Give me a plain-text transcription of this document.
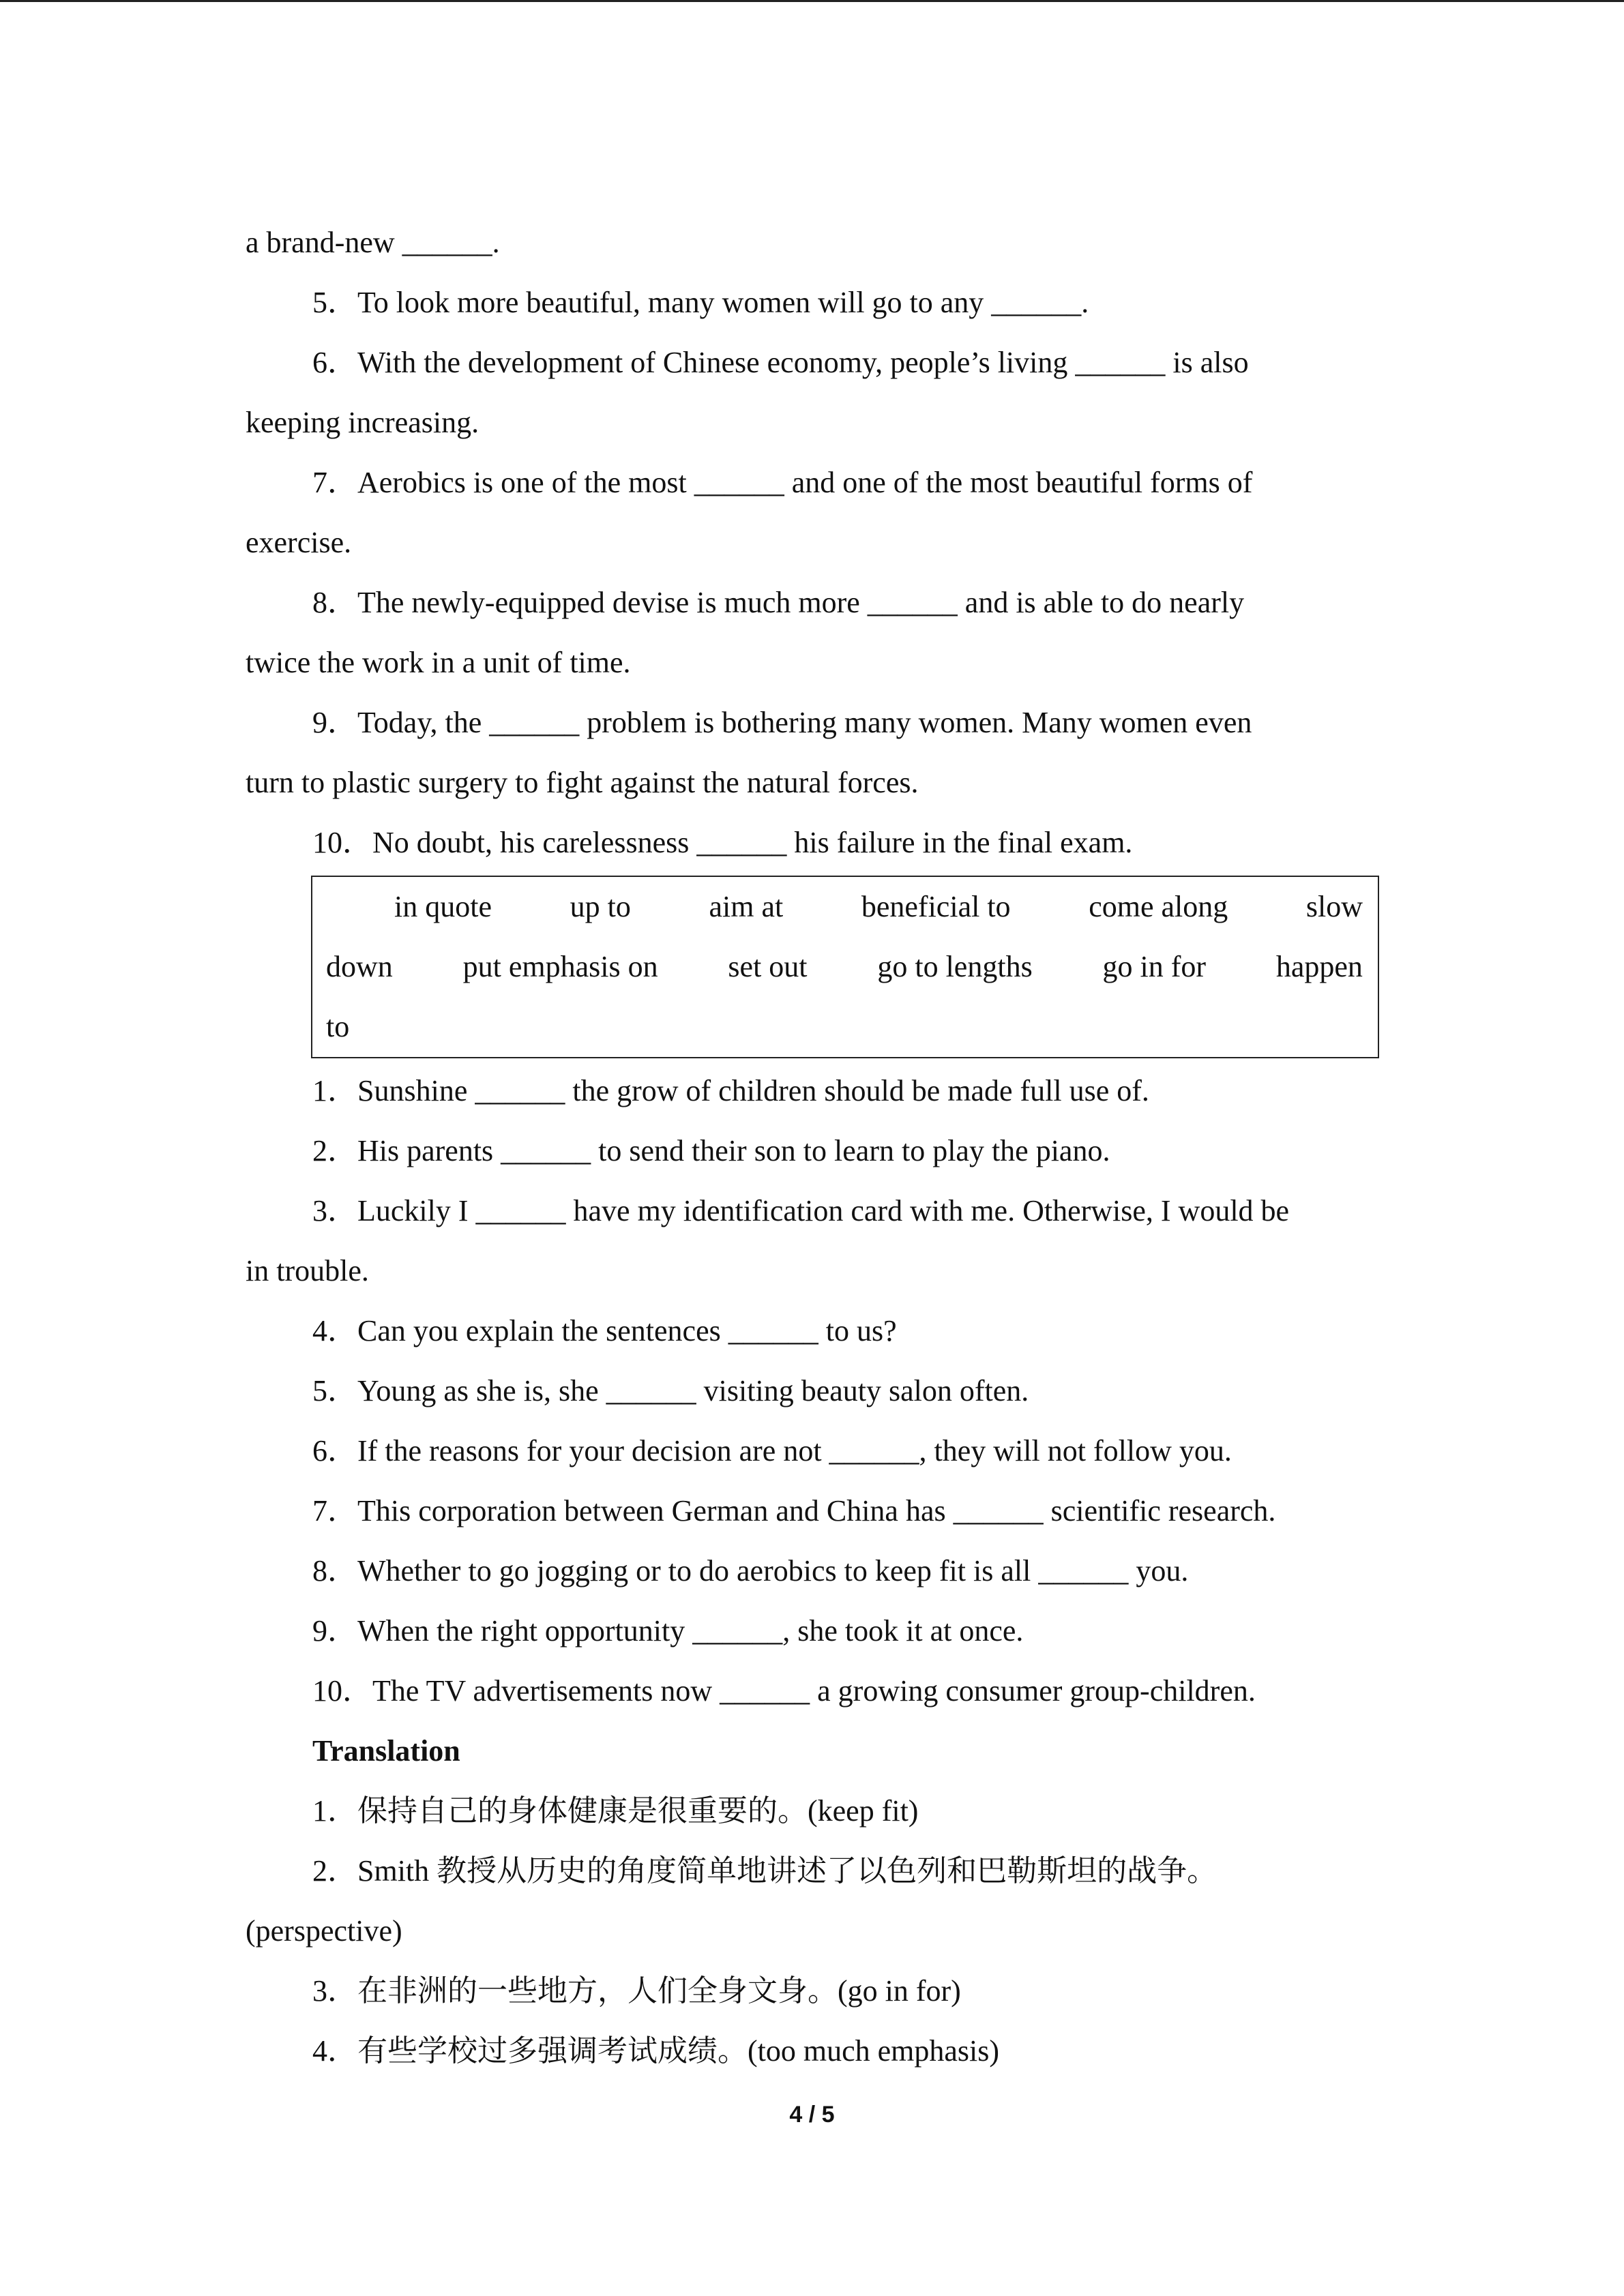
a brand-new ______.

5．To look more beautiful, many women will go to any ______.

6．With the development of Chinese economy, people’s living ______ is also

keeping increasing.

7．Aerobics is one of the most ______ and one of the most beautiful forms of

exercise.

8．The newly-equipped devise is much more ______ and is able to do nearly

twice the work in a unit of time.

9．Today, the ______ problem is bothering many women. Many women even

turn to plastic surgery to fight against the natural forces.

10．No doubt, his carelessness ______ his failure in the final exam.

in quote	up to	aim at	beneficial to	come along	slow
down put emphasis on set out go to lengths go in for happen
to

1．Sunshine ______ the grow of children should be made full use of.

2．His parents ______ to send their son to learn to play the piano.

3．Luckily I ______ have my identification card with me. Otherwise, I would be

in trouble.

4．Can you explain the sentences ______ to us?

5．Young as she is, she ______ visiting beauty salon often.

6．If the reasons for your decision are not ______, they will not follow you.

7．This corporation between German and China has ______ scientific research.

8．Whether to go jogging or to do aerobics to keep fit is all ______ you.

9．When the right opportunity ______, she took it at once.

10．The TV advertisements now ______ a growing consumer group-children.

Translation

1．保持自己的身体健康是很重要的。(keep fit)

2．Smith 教授从历史的角度简单地讲述了以色列和巴勒斯坦的战争。

(perspective)

3．在非洲的一些地方，人们全身文身。(go in for)

4．有些学校过多强调考试成绩。(too much emphasis)

4 / 5
